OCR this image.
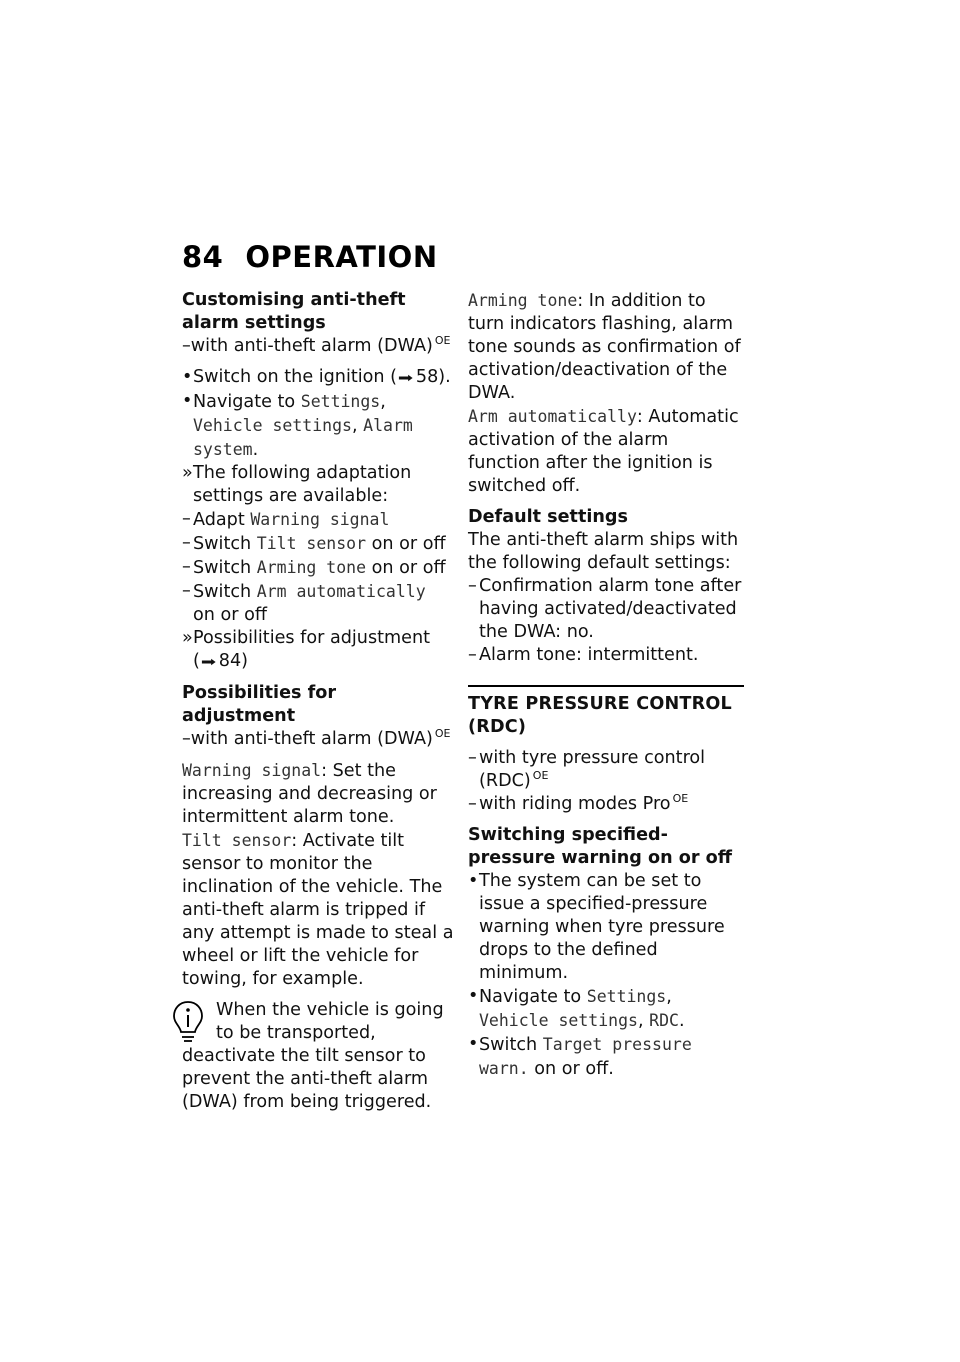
84 OPERATION

Customising anti-theft alarm settings

–with anti-theft alarm (DWA) $^{OE}$

• Switch on the ignition (➡ 58).
• Navigate to Settings, Vehicle settings, Alarm system.
» The following adaptation settings are available:
– Adapt Warning signal
– Switch Tilt sensor on or off
– Switch Arming tone on or off
– Switch Arm automatically
on or off
» Possibilities for adjustment
(➡ 84)

Possibilities for adjustment

–with anti-theft alarm (DWA) $^{OE}$

Warning signal: Set the increasing and decreasing or intermittent alarm tone.

Tilt sensor: Activate tilt sensor to monitor the inclination of the vehicle. The anti-theft alarm is tripped if any attempt is made to steal a wheel or lift the vehicle for towing, for example.

When the vehicle is going to be transported, deactivate the tilt sensor to prevent the anti-theft alarm (DWA) from being triggered.

Arming tone: In addition to turn indicators flashing, alarm tone sounds as confirmation of activation/deactivation of the DWA.

Arm automatically: Automatic activation of the alarm function after the ignition is switched off.

Default settings

The anti-theft alarm ships with the following default settings:

– Confirmation alarm tone after having activated/deactivated the DWA: no.
– Alarm tone: intermittent.

TYRE PRESSURE CONTROL (RDC)

– with tyre pressure control (RDC) $^{OE}$
– with riding modes Pro $^{OE}$

Switching specified-pressure warning on or off

• The system can be set to issue a specified-pressure warning when tyre pressure drops to the defined minimum.
• Navigate to Settings, Vehicle settings, RDC.
• Switch Target pressure warn. on or off.
